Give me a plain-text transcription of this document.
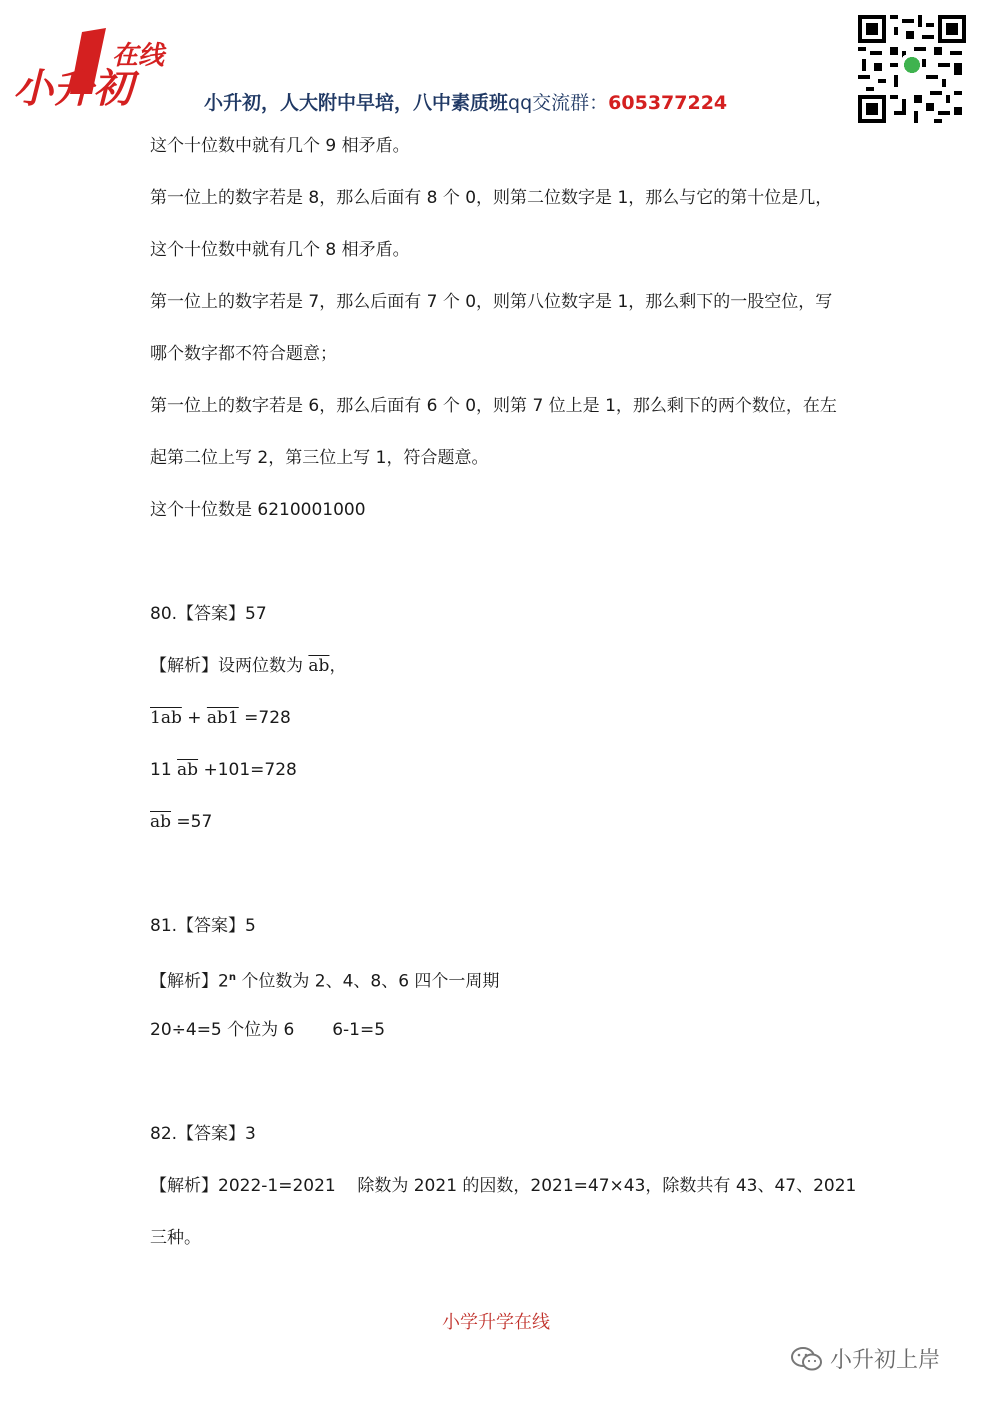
小升初
在线
小升初，人大附中早培，八中素质班qq交流群：605377224
这个十位数中就有几个 9 相矛盾。
第一位上的数字若是 8，那么后面有 8 个 0，则第二位数字是 1，那么与它的第十位是几，
这个十位数中就有几个 8 相矛盾。
第一位上的数字若是 7，那么后面有 7 个 0，则第八位数字是 1，那么剩下的一股空位，写
哪个数字都不符合题意；
第一位上的数字若是 6，那么后面有 6 个 0，则第 7 位上是 1，那么剩下的两个数位，在左
起第二位上写 2，第三位上写 1，符合题意。
这个十位数是 6210001000
80.【答案】57
【解析】设两位数为 $\overline{ab}$，
1ab + ab1 =728
11 $\overline{ab} +101=728$
$\overline{ab} =57$
81.【答案】5
【解析】2$^n$ 个位数为 2、4、8、6 四个一周期
20÷4=5 个位为 6       6-1=5
82.【答案】3
【解析】2022-1=2021    除数为 2021 的因数，2021=47×43，除数共有 43、47、2021
三种。
小学升学在线
小升初上岸
